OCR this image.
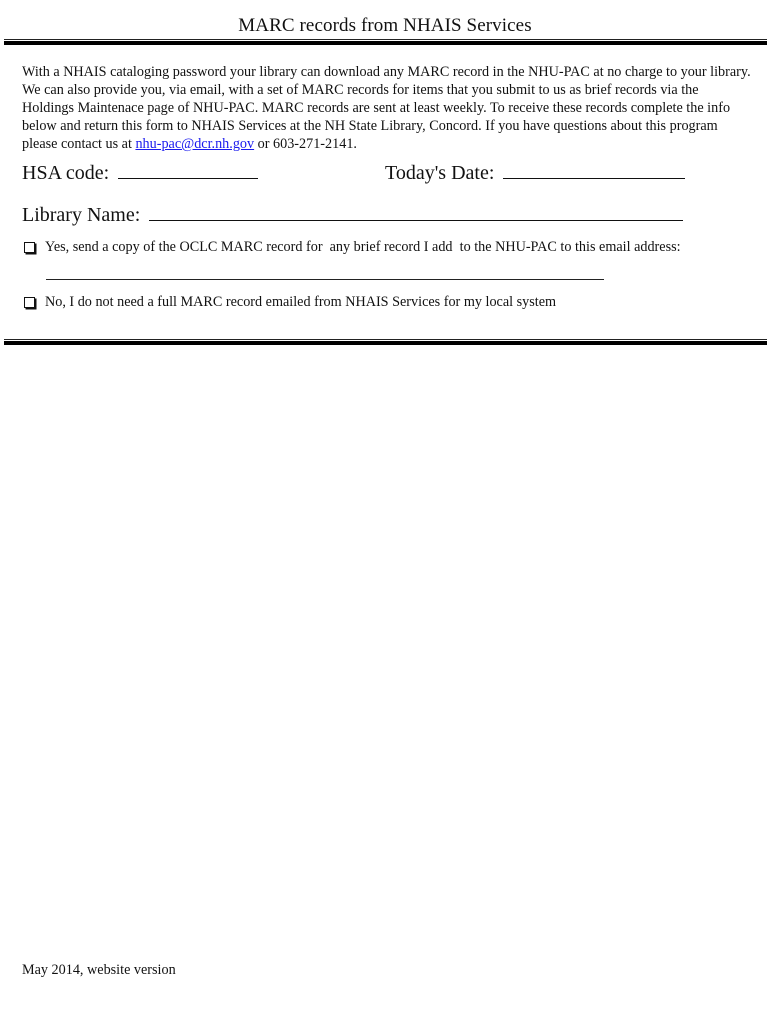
MARC records from NHAIS Services
With a NHAIS cataloging password your library can download any MARC record in the NHU-PAC at no charge to your library. We can also provide you, via email, with a set of MARC records for items that you submit to us as brief records via the Holdings Maintenace page of NHU-PAC. MARC records are sent at least weekly. To receive these records complete the info below and return this form to NHAIS Services at the NH State Library, Concord. If you have questions about this program please contact us at nhu-pac@dcr.nh.gov or 603-271-2141.
HSA code:	Today's Date:
Library Name:
Yes, send a copy of the OCLC MARC record for  any brief record I add  to the NHU-PAC to this email address:
No, I do not need a full MARC record emailed from NHAIS Services for my local system
May 2014, website version
